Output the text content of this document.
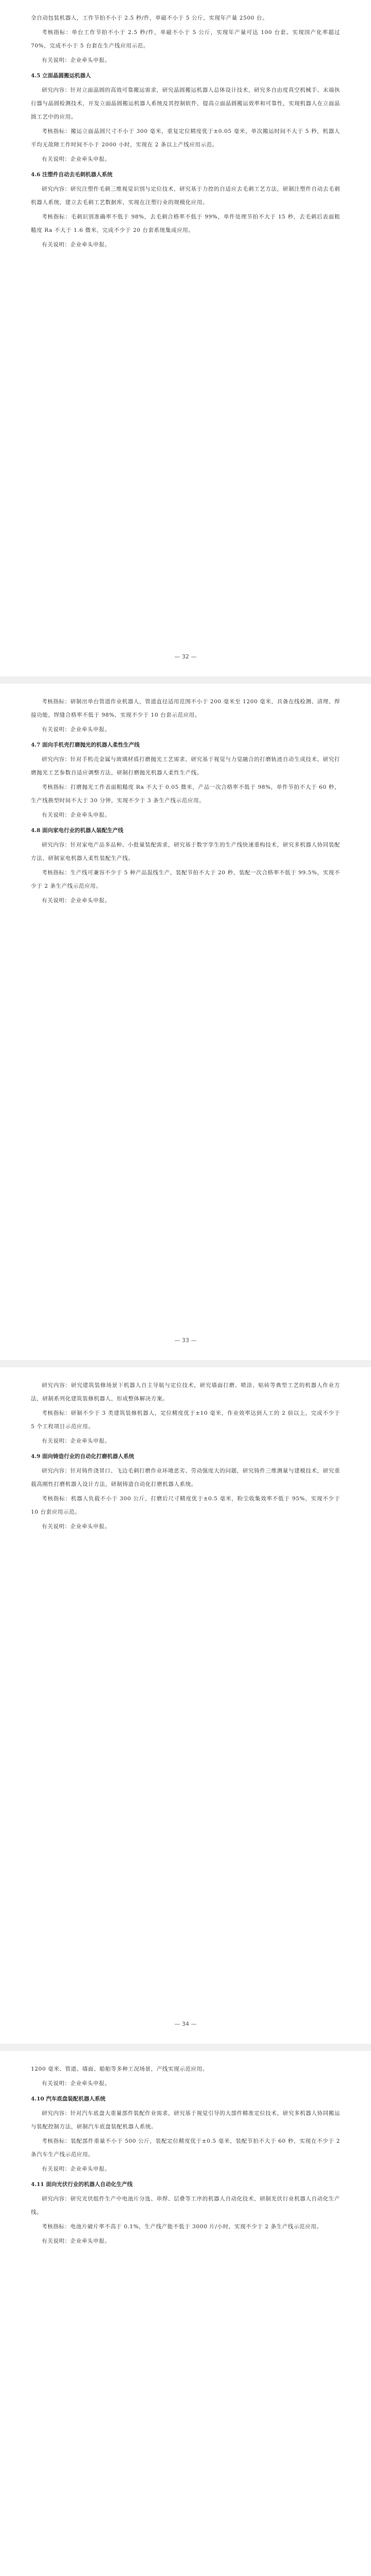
全自动包装机器人，工作节拍不小于 2.5 秒/件，单磁不小于 5 公斤，实现年产量 2500 台。

考核指标：单台工作节拍不小于 2.5 秒/件，单磁不小于 5 公斤，实现年产量可达 100 台套。实现国产化率超过 70%，完成不小于 5 台套在生产线应用示范。

有关说明：企业牵头申报。

4.5 立面晶圆搬运机器人

研究内容：针对立面晶圆的高效可靠搬运需求，研究晶圆搬运机器人总体设计技术，研究多自由度真空机械手、末端执行器与晶圆检测技术，开发立面晶圆搬运机器人系统及其控制软件，提高立面晶圆搬运效率和可靠性，实现机器人在立面晶圆工艺中的应用。

考核指标：搬运立面晶圆尺寸不小于 300 毫米，重复定位精度优于±0.05 毫米，单次搬运时间不大于 5 秒，机器人平均无故障工作时间不小于 2000 小时，实现在 2 条以上产线应用示范。

有关说明：企业牵头申报。

4.6 注塑件自动去毛刺机器人系统

研究内容：研究注塑件毛刺三维视觉识别与定位技术，研究基于力控的自适应去毛刺工艺方法，研制注塑件自动去毛刺机器人系统，建立去毛刺工艺数据库，实现在注塑行业的规模化应用。

考核指标：毛刺识别准确率不低于 98%，去毛刺合格率不低于 99%，单件处理节拍不大于 15 秒，去毛刺后表面粗糙度 Ra 不大于 1.6 微米，完成不少于 20 台套系统集成应用。

有关说明：企业牵头申报。

— 32 —

考核指标：研制出单台管道作业机器人，管道直径适用范围不小于 200 毫米至 1200 毫米，具备在线检测、清理、焊接功能，焊缝合格率不低于 98%，实现不少于 10 台套示范应用。

有关说明：企业牵头申报。

4.7 面向手机壳打磨抛光的机器人柔性生产线

研究内容：针对手机壳金属与玻璃材质打磨抛光工艺需求，研究基于视觉与力觉融合的打磨轨迹自动生成技术，研究打磨抛光工艺参数自适应调整方法，研制打磨抛光机器人柔性生产线。

考核指标：打磨抛光工件表面粗糙度 Ra 不大于 0.05 微米，产品一次合格率不低于 98%，单件节拍不大于 60 秒，生产线换型时间不大于 30 分钟，实现不少于 3 条生产线示范应用。

有关说明：企业牵头申报。

4.8 面向家电行业的机器人装配生产线

研究内容：针对家电产品多品种、小批量装配需求，研究基于数字孪生的生产线快速重构技术，研究多机器人协同装配方法，研制家电机器人柔性装配生产线。

考核指标：生产线可兼容不少于 5 种产品混线生产，装配节拍不大于 20 秒，装配一次合格率不低于 99.5%，实现不少于 2 条生产线示范应用。

有关说明：企业牵头申报。

— 33 —

研究内容：研究建筑装修场景下机器人自主导航与定位技术，研究墙面打磨、喷涂、贴砖等典型工艺的机器人作业方法，研制系列化建筑装修机器人，形成整体解决方案。

考核指标：研制不少于 3 类建筑装修机器人，定位精度优于±10 毫米，作业效率达到人工的 2 倍以上，完成不少于 5 个工程项目示范应用。

有关说明：企业牵头申报。

4.9 面向铸造行业的自动化打磨机器人系统

研究内容：针对铸件浇冒口、飞边毛刺打磨作业环境恶劣、劳动强度大的问题，研究铸件三维测量与建模技术，研究重载高刚性打磨机器人设计方法，研制铸造自动化打磨机器人系统。

考核指标：机器人负载不小于 300 公斤，打磨后尺寸精度优于±0.5 毫米，粉尘收集效率不低于 95%，实现不少于 10 台套应用示范。

有关说明：企业牵头申报。

— 34 —

1200 毫米、管道、墙面、船舶等多种工况场景，产线实现示范应用。

有关说明：企业牵头申报。

4.10 汽车底盘装配机器人系统

研究内容：针对汽车底盘大重量部件装配作业需求，研究基于视觉引导的大部件精准定位技术，研究多机器人协同搬运与装配控制方法，研制汽车底盘装配机器人系统。

考核指标：装配部件重量不小于 500 公斤，装配定位精度优于±0.5 毫米，装配节拍不大于 60 秒，实现在不少于 2 条汽车生产线示范应用。

有关说明：企业牵头申报。

4.11 面向光伏行业的机器人自动化生产线

研究内容：研究光伏组件生产中电池片分选、串焊、层叠等工序的机器人自动化技术，研制光伏行业机器人自动化生产线。

考核指标：电池片破片率不高于 0.1%，生产线产能不低于 3000 片/小时，实现不少于 2 条生产线示范应用。

有关说明：企业牵头申报。
